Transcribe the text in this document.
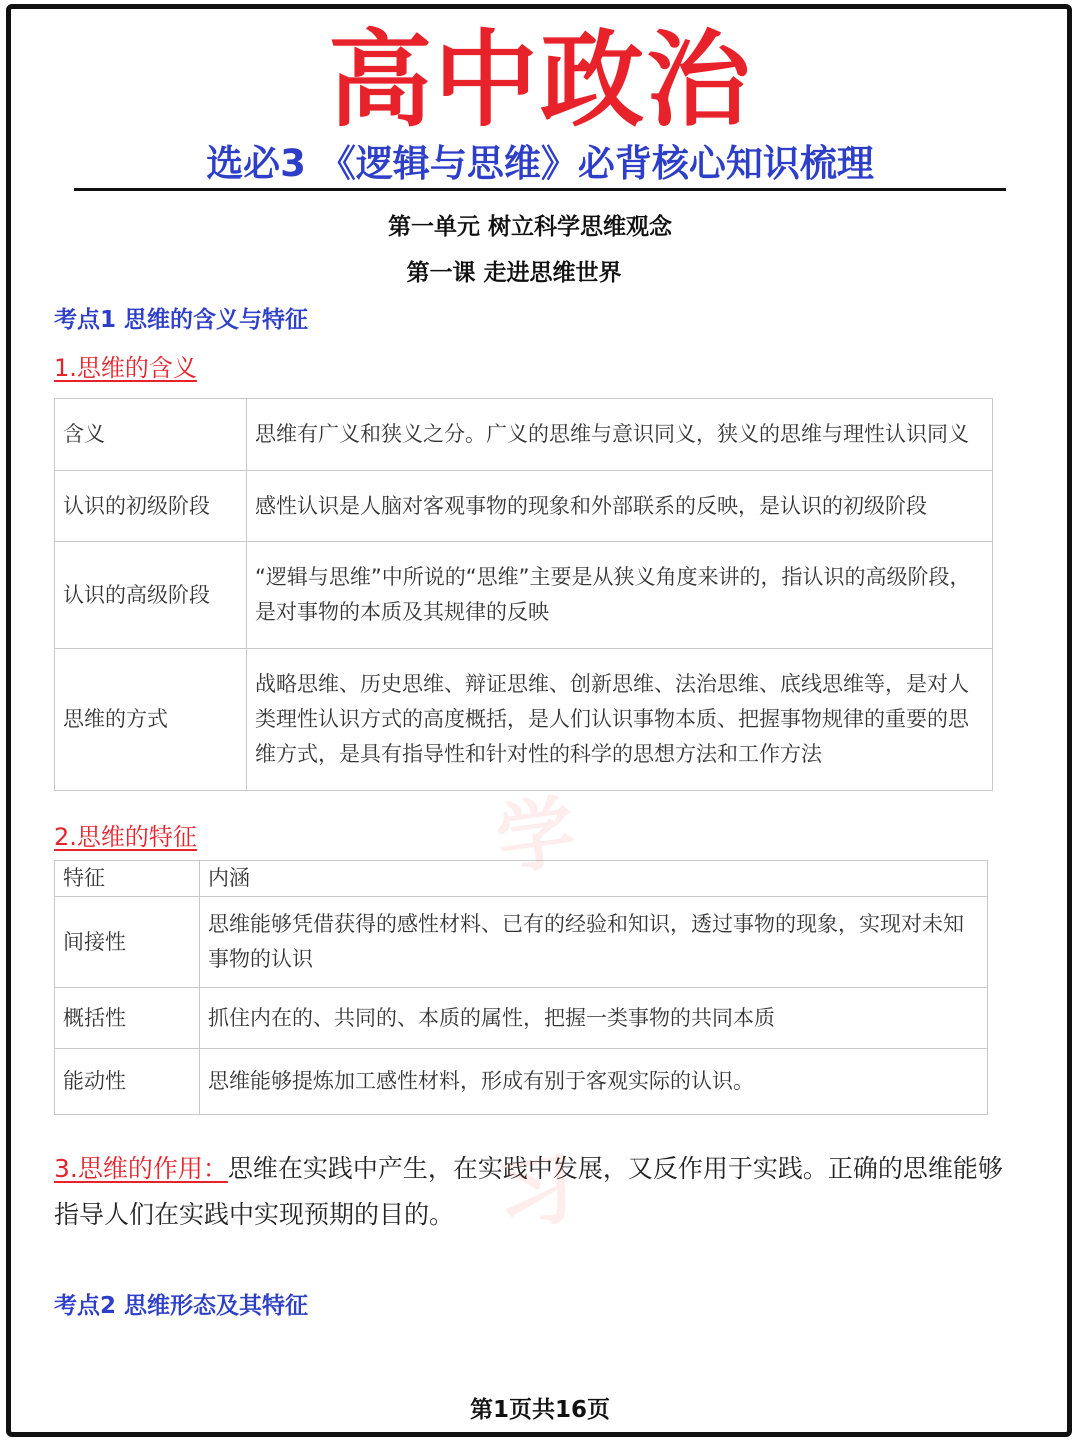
高中政治
选必3 《逻辑与思维》必背核心知识梳理
第一单元 树立科学思维观念
第一课 走进思维世界
考点1 思维的含义与特征
1.思维的含义
含义	思维有广义和狭义之分。广义的思维与意识同义，狭义的思维与理性认识同义
认识的初级阶段	感性认识是人脑对客观事物的现象和外部联系的反映，是认识的初级阶段
认识的高级阶段	“逻辑与思维”中所说的“思维”主要是从狭义角度来讲的，指认识的高级阶段，是对事物的本质及其规律的反映
思维的方式	战略思维、历史思维、辩证思维、创新思维、法治思维、底线思维等，是对人类理性认识方式的高度概括，是人们认识事物本质、把握事物规律的重要的思维方式，是具有指导性和针对性的科学的思想方法和工作方法
2.思维的特征
特征	内涵
间接性	思维能够凭借获得的感性材料、已有的经验和知识，透过事物的现象，实现对未知事物的认识
概括性	抓住内在的、共同的、本质的属性，把握一类事物的共同本质
能动性	思维能够提炼加工感性材料，形成有别于客观实际的认识。
3.思维的作用：思维在实践中产生，在实践中发展，又反作用于实践。正确的思维能够指导人们在实践中实现预期的目的。
考点2 思维形态及其特征
学
习
第1页共16页
